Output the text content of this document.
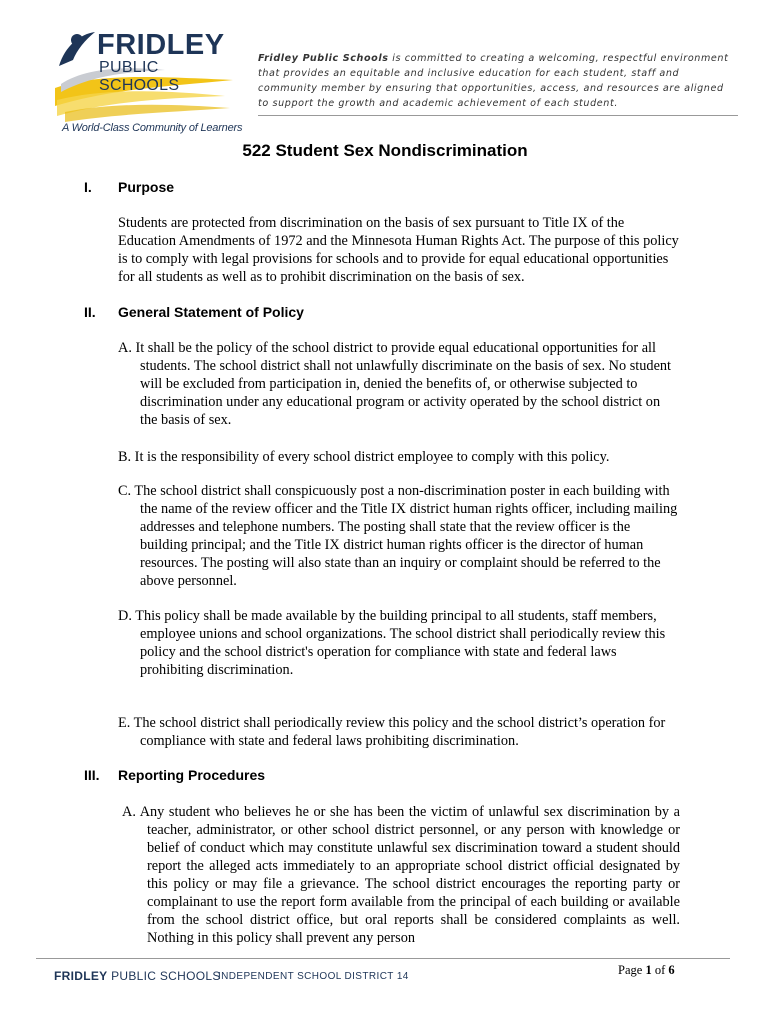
FRIDLEY
PUBLIC SCHOOLS
A World-Class Community of Learners
Fridley Public Schools is committed to creating a welcoming, respectful environment that provides an equitable and inclusive education for each student, staff and community member by ensuring that opportunities, access, and resources are aligned to support the growth and academic achievement of each student.
522 Student Sex Nondiscrimination
I. Purpose

Students are protected from discrimination on the basis of sex pursuant to Title IX of the Education Amendments of 1972 and the Minnesota Human Rights Act. The purpose of this policy is to comply with legal provisions for schools and to provide for equal educational opportunities for all students as well as to prohibit discrimination on the basis of sex.

II. General Statement of Policy

A. It shall be the policy of the school district to provide equal educational opportunities for all students. The school district shall not unlawfully discriminate on the basis of sex. No student will be excluded from participation in, denied the benefits of, or otherwise subjected to discrimination under any educational program or activity operated by the school district on the basis of sex.

B. It is the responsibility of every school district employee to comply with this policy.

C. The school district shall conspicuously post a non-discrimination poster in each building with the name of the review officer and the Title IX district human rights officer, including mailing addresses and telephone numbers. The posting shall state that the review officer is the building principal; and the Title IX district human rights officer is the director of human resources. The posting will also state than an inquiry or complaint should be referred to the above personnel.

D. This policy shall be made available by the building principal to all students, staff members, employee unions and school organizations. The school district shall periodically review this policy and the school district's operation for compliance with state and federal laws prohibiting discrimination.

E. The school district shall periodically review this policy and the school district’s operation for compliance with state and federal laws prohibiting discrimination.

III. Reporting Procedures

A. Any student who believes he or she has been the victim of unlawful sex discrimination by a teacher, administrator, or other school district personnel, or any person with knowledge or belief of conduct which may constitute unlawful sex discrimination toward a student should report the alleged acts immediately to an appropriate school district official designated by this policy or may file a grievance. The school district encourages the reporting party or complainant to use the report form available from the principal of each building or available from the school district office, but oral reports shall be considered complaints as well. Nothing in this policy shall prevent any person

FRIDLEY PUBLIC SCHOOLS
INDEPENDENT SCHOOL DISTRICT 14	Page 1 of 6
